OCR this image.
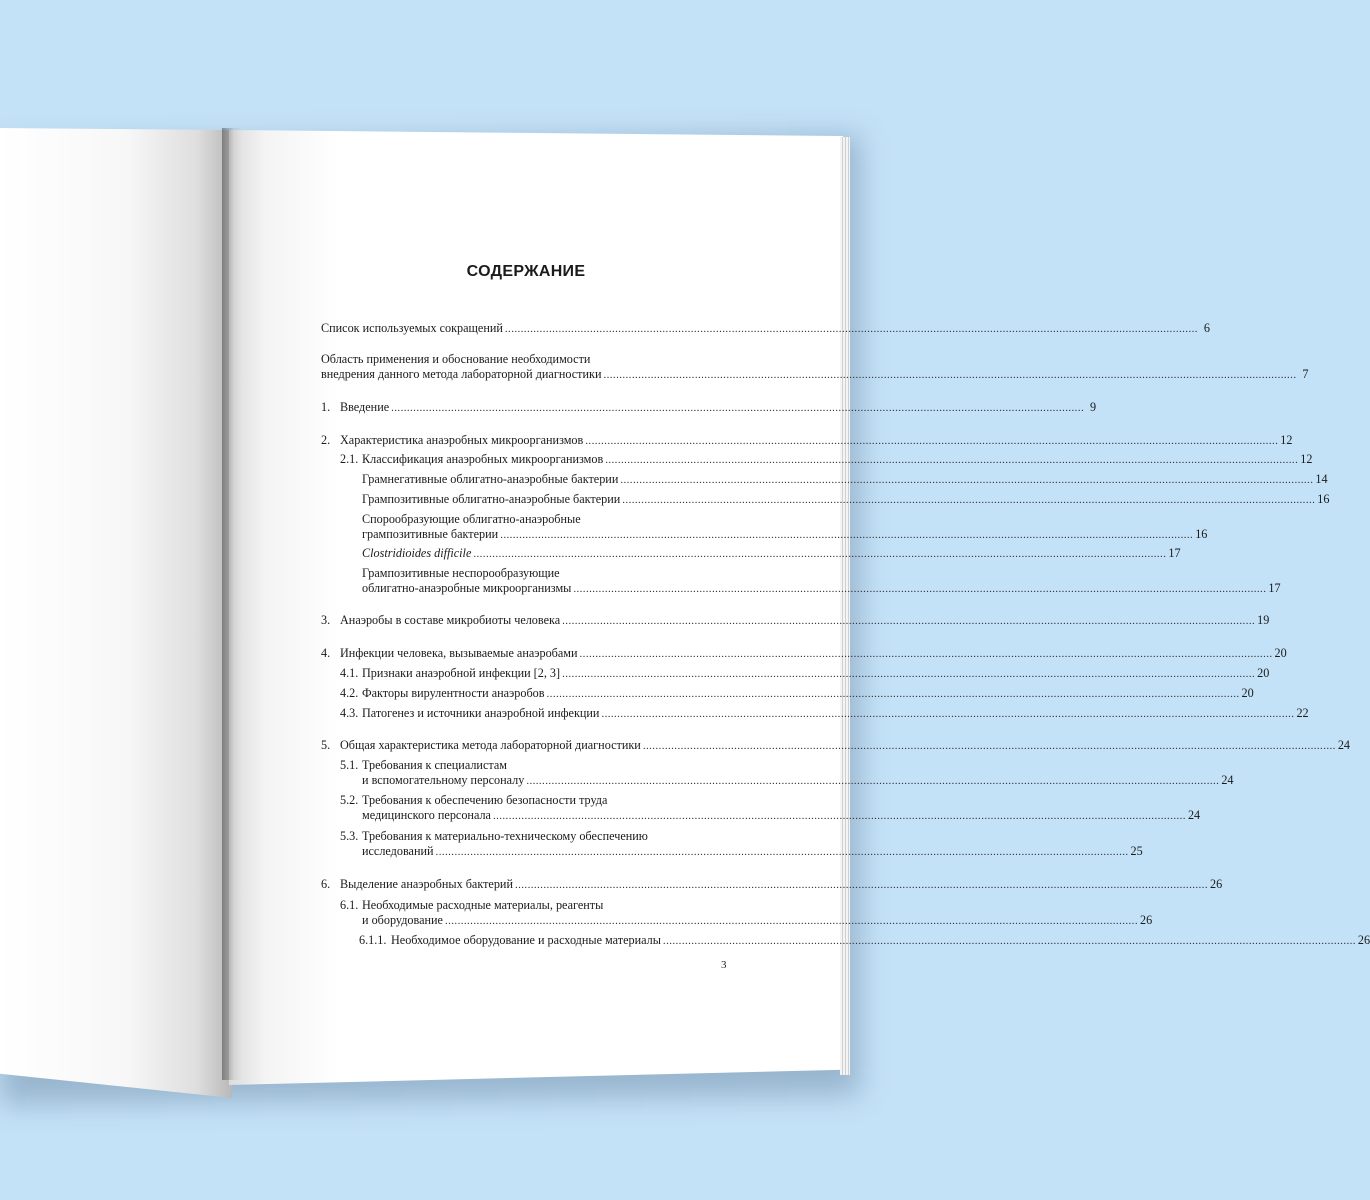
СОДЕРЖАНИЕ
Список используемых сокращений ............................................................................................................................................................................................................................ 6
Область применения и обоснование необходимости
внедрения данного метода лабораторной диагностики ............................................................................................................................................................................................................................ 7
1. Введение ............................................................................................................................................................................................................................ 9
2. Характеристика анаэробных микроорганизмов ............................................................................................................................................................................................................................ 12
2.1. Классификация анаэробных микроорганизмов ............................................................................................................................................................................................................................ 12
Грамнегативные облигатно-анаэробные бактерии ............................................................................................................................................................................................................................ 14
Грампозитивные облигатно-анаэробные бактерии ............................................................................................................................................................................................................................ 16
Спорообразующие облигатно-анаэробные
грампозитивные бактерии ............................................................................................................................................................................................................................ 16
Clostridioides difficile ............................................................................................................................................................................................................................ 17
Грампозитивные неспорообразующие
облигатно-анаэробные микроорганизмы ............................................................................................................................................................................................................................ 17
3. Анаэробы в составе микробиоты человека ............................................................................................................................................................................................................................ 19
4. Инфекции человека, вызываемые анаэробами ............................................................................................................................................................................................................................ 20
4.1. Признаки анаэробной инфекции [2, 3] ............................................................................................................................................................................................................................ 20
4.2. Факторы вирулентности анаэробов ............................................................................................................................................................................................................................ 20
4.3. Патогенез и источники анаэробной инфекции ............................................................................................................................................................................................................................ 22
5. Общая характеристика метода лабораторной диагностики ............................................................................................................................................................................................................................ 24
5.1. Требования к специалистам
и вспомогательному персоналу ............................................................................................................................................................................................................................ 24
5.2. Требования к обеспечению безопасности труда
медицинского персонала ............................................................................................................................................................................................................................ 24
5.3. Требования к материально-техническому обеспечению
исследований ............................................................................................................................................................................................................................ 25
6. Выделение анаэробных бактерий ............................................................................................................................................................................................................................ 26
6.1. Необходимые расходные материалы, реагенты
и оборудование ............................................................................................................................................................................................................................ 26
6.1.1. Необходимое оборудование и расходные материалы ............................................................................................................................................................................................................................ 26
3
